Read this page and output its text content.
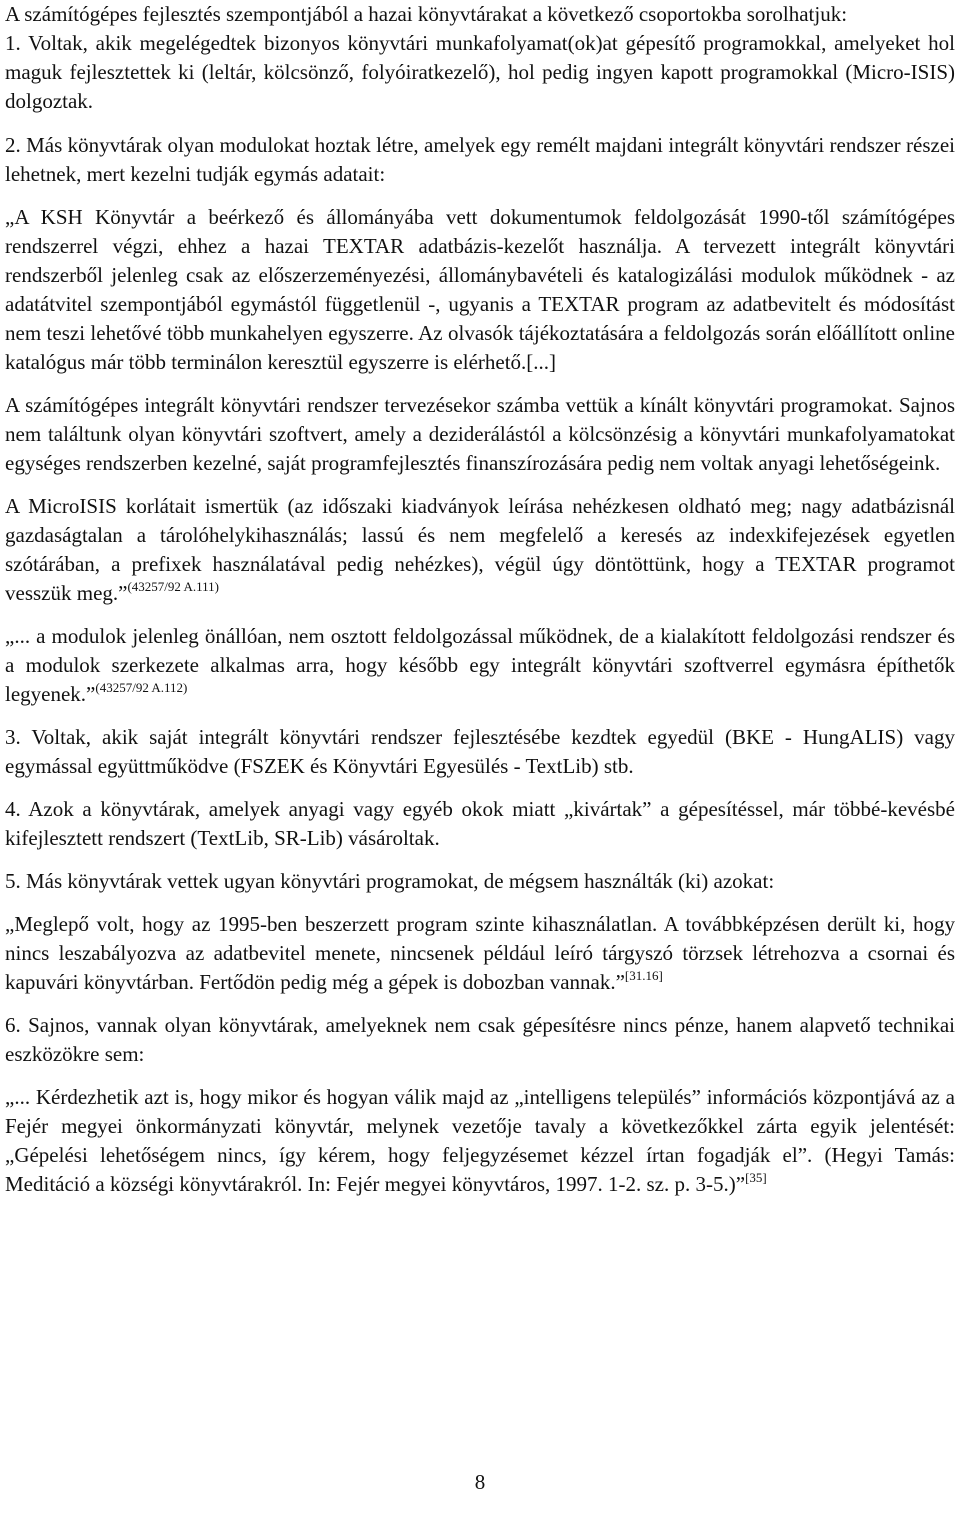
A számítógépes fejlesztés szempontjából a hazai könyvtárakat a következő csoportokba sorolhatjuk:

1. Voltak, akik megelégedtek bizonyos könyvtári munkafolyamat(ok)at gépesítő programokkal, amelyeket hol maguk fejlesztettek ki (leltár, kölcsönző, folyóiratkezelő), hol pedig ingyen kapott programokkal (Micro-ISIS) dolgoztak.

2. Más könyvtárak olyan modulokat hoztak létre, amelyek egy remélt majdani integrált könyvtári rendszer részei lehetnek, mert kezelni tudják egymás adatait:

„A KSH Könyvtár a beérkező és állományába vett dokumentumok feldolgozását 1990-től számítógépes rendszerrel végzi, ehhez a hazai TEXTAR adatbázis-kezelőt használja. A tervezett integrált könyvtári rendszerből jelenleg csak az előszerzeményezési, állománybavételi és katalogizálási modulok működnek - az adatátvitel szempontjából egymástól függetlenül -, ugyanis a TEXTAR program az adatbevitelt és módosítást nem teszi lehetővé több munkahelyen egyszerre. Az olvasók tájékoztatására a feldolgozás során előállított online katalógus már több terminálon keresztül egyszerre is elérhető.[...]

A számítógépes integrált könyvtári rendszer tervezésekor számba vettük a kínált könyvtári programokat. Sajnos nem találtunk olyan könyvtári szoftvert, amely a deziderálástól a kölcsönzésig a könyvtári munkafolyamatokat egységes rendszerben kezelné, saját programfejlesztés finanszírozására pedig nem voltak anyagi lehetőségeink.

A MicroISIS korlátait ismertük (az időszaki kiadványok leírása nehézkesen oldható meg; nagy adatbázisnál gazdaságtalan a tárolóhelykihasználás; lassú és nem megfelelő a keresés az indexkifejezések egyetlen szótárában, a prefixek használatával pedig nehézkes), végül úgy döntöttünk, hogy a TEXTAR programot vesszük meg.”$^{(43257/92 A.111)}$

„... a modulok jelenleg önállóan, nem osztott feldolgozással működnek, de a kialakított feldolgozási rendszer és a modulok szerkezete alkalmas arra, hogy később egy integrált könyvtári szoftverrel egymásra építhetők legyenek.”$^{(43257/92 A.112)}$

3. Voltak, akik saját integrált könyvtári rendszer fejlesztésébe kezdtek egyedül (BKE - HungALIS) vagy egymással együttműködve (FSZEK és Könyvtári Egyesülés - TextLib) stb.

4. Azok a könyvtárak, amelyek anyagi vagy egyéb okok miatt „kivártak” a gépesítéssel, már többé-kevésbé kifejlesztett rendszert (TextLib, SR-Lib) vásároltak.

5. Más könyvtárak vettek ugyan könyvtári programokat, de mégsem használták (ki) azokat:

„Meglepő volt, hogy az 1995-ben beszerzett program szinte kihasználatlan. A továbbképzésen derült ki, hogy nincs leszabályozva az adatbevitel menete, nincsenek például leíró tárgyszó törzsek létrehozva a csornai és kapuvári könyvtárban. Fertődön pedig még a gépek is dobozban vannak.”[31.16]

6. Sajnos, vannak olyan könyvtárak, amelyeknek nem csak gépesítésre nincs pénze, hanem alapvető technikai eszközökre sem:

„... Kérdezhetik azt is, hogy mikor és hogyan válik majd az „intelligens település” információs központjává az a Fejér megyei önkormányzati könyvtár, melynek vezetője tavaly a következőkkel zárta egyik jelentését: „Gépelési lehetőségem nincs, így kérem, hogy feljegyzésemet kézzel írtan fogadják el”. (Hegyi Tamás: Meditáció a községi könyvtárakról. In: Fejér megyei könyvtáros, 1997. 1-2. sz. p. 3-5.)”[35]

8
